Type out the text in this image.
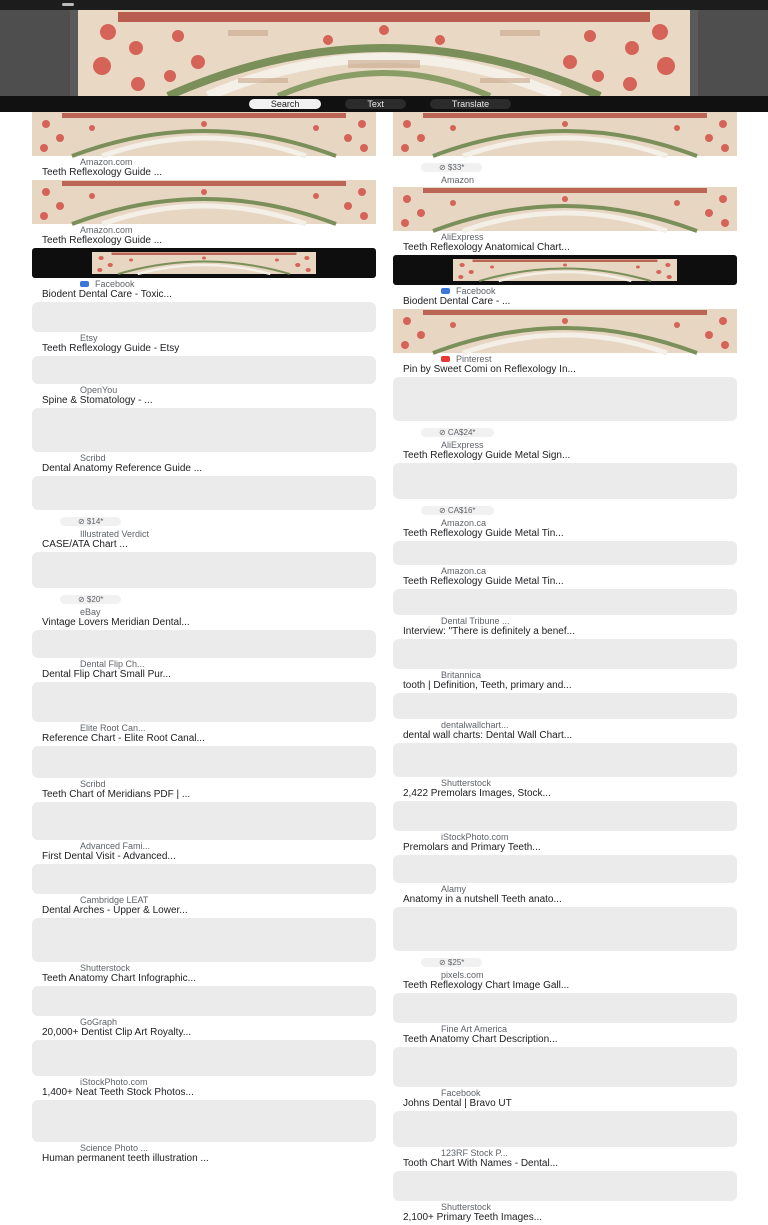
Search	Text	Translate
Amazon.com
Teeth Reflexology Guide ...
Amazon.com
Teeth Reflexology Guide ...
Facebook
Biodent Dental Care - Toxic...
Etsy
Teeth Reflexology Guide - Etsy
OpenYou
Spine & Stomatology - ...
Scribd
Dental Anatomy Reference Guide ...
⊘ $14*
Illustrated Verdict
CASE/ATA Chart ...
⊘ $20*
eBay
Vintage Lovers Meridian Dental...
Dental Flip Ch...
Dental Flip Chart Small Pur...
Elite Root Can...
Reference Chart - Elite Root Canal...
Scribd
Teeth Chart of Meridians PDF | ...
Advanced Fami...
First Dental Visit - Advanced...
Cambridge LEAT
Dental Arches - Upper & Lower...
Shutterstock
Teeth Anatomy Chart Infographic...
GoGraph
20,000+ Dentist Clip Art Royalty...
iStockPhoto.com
1,400+ Neat Teeth Stock Photos...
Science Photo ...
Human permanent teeth illustration ...
⊘ $33*
Amazon
AliExpress
Teeth Reflexology Anatomical Chart...
Facebook
Biodent Dental Care - ...
Pinterest
Pin by Sweet Comi on Reflexology In...
⊘ CA$24*
AliExpress
Teeth Reflexology Guide Metal Sign...
⊘ CA$16*
Amazon.ca
Teeth Reflexology Guide Metal Tin...
Amazon.ca
Teeth Reflexology Guide Metal Tin...
Dental Tribune ...
Interview: "There is definitely a benef...
Britannica
tooth | Definition, Teeth, primary and...
dentalwallchart...
dental wall charts: Dental Wall Chart...
Shutterstock
2,422 Premolars Images, Stock...
iStockPhoto.com
Premolars and Primary Teeth...
Alamy
Anatomy in a nutshell Teeth anato...
⊘ $25*
pixels.com
Teeth Reflexology Chart Image Gall...
Fine Art America
Teeth Anatomy Chart Description...
Facebook
Johns Dental | Bravo UT
123RF Stock P...
Tooth Chart With Names - Dental...
Shutterstock
2,100+ Primary Teeth Images...
